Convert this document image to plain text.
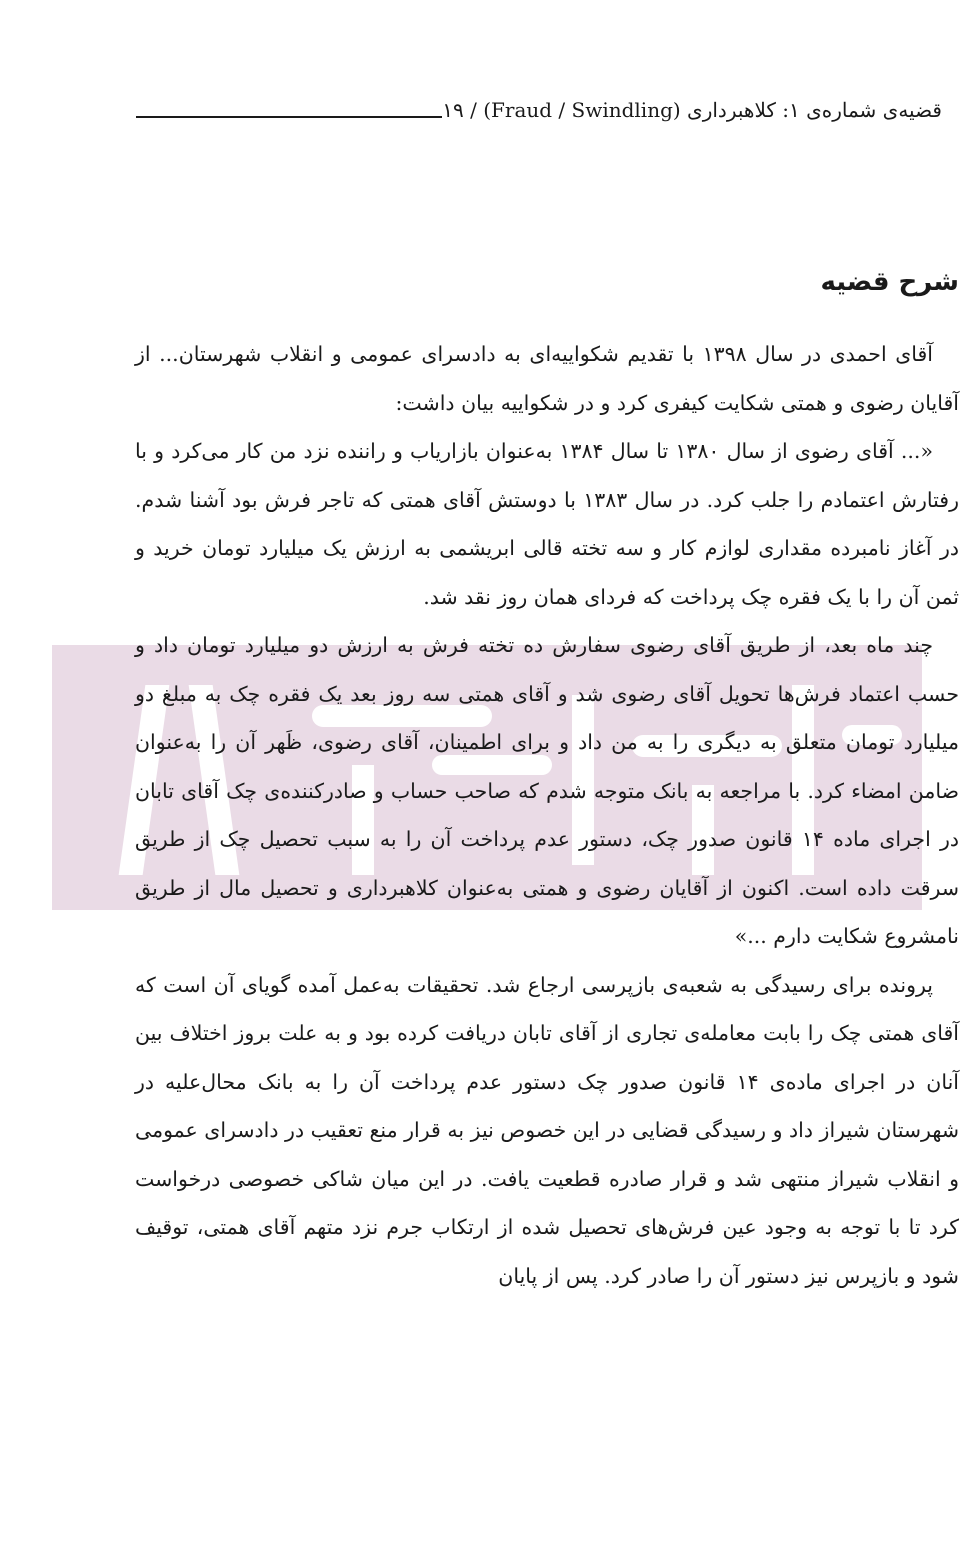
قضیه‌ی شماره‌ی ۱: کلاهبرداری (Fraud / Swindling) / ۱۹
شرح قضیه

آقای احمدی در سال ۱۳۹۸ با تقدیم شکواییه‌ای به دادسرای عمومی و انقلاب شهرستان... از آقایان رضوی و همتی شکایت کیفری کرد و در شکواییه بیان داشت:

«... آقای رضوی از سال ۱۳۸۰ تا سال ۱۳۸۴ به‌عنوان بازاریاب و راننده نزد من کار می‌کرد و با رفتارش اعتمادم را جلب کرد. در سال ۱۳۸۳ با دوستش آقای همتی که تاجر فرش بود آشنا شدم. در آغاز نامبرده مقداری لوازم کار و سه تخته قالی ابریشمی به ارزش یک میلیارد تومان خرید و ثمن آن را با یک فقره چک پرداخت که فردای همان روز نقد شد.

چند ماه بعد، از طریق آقای رضوی سفارش ده تخته فرش به ارزش دو میلیارد تومان داد و حسب اعتماد فرش‌ها تحویل آقای رضوی شد و آقای همتی سه روز بعد یک فقره چک به مبلغ دو میلیارد تومان متعلق به دیگری را به من داد و برای اطمینان، آقای رضوی، ظَهر آن را به‌عنوان ضامن امضاء کرد. با مراجعه به بانک متوجه شدم که صاحب حساب و صادرکننده‌ی چک آقای تابان در اجرای ماده ۱۴ قانون صدور چک، دستور عدم پرداخت آن را به سبب تحصیل چک از طریق سرقت داده است. اکنون از آقایان رضوی و همتی به‌عنوان کلاهبرداری و تحصیل مال از طریق نامشروع شکایت دارم ...»

پرونده برای رسیدگی به شعبه‌ی بازپرسی ارجاع شد. تحقیقات به‌عمل آمده گویای آن است که آقای همتی چک را بابت معامله‌ی تجاری از آقای تابان دریافت کرده بود و به علت بروز اختلاف بین آنان در اجرای ماده‌ی ۱۴ قانون صدور چک دستور عدم پرداخت آن را به بانک محال‌علیه در شهرستان شیراز داد و رسیدگی قضایی در این خصوص نیز به قرار منع تعقیب در دادسرای عمومی و انقلاب شیراز منتهی شد و قرار صادره قطعیت یافت. در این میان شاکی خصوصی درخواست کرد تا با توجه به وجود عین فرش‌های تحصیل شده از ارتکاب جرم نزد متهم آقای همتی، توقیف شود و بازپرس نیز دستور آن را صادر کرد. پس از پایان
